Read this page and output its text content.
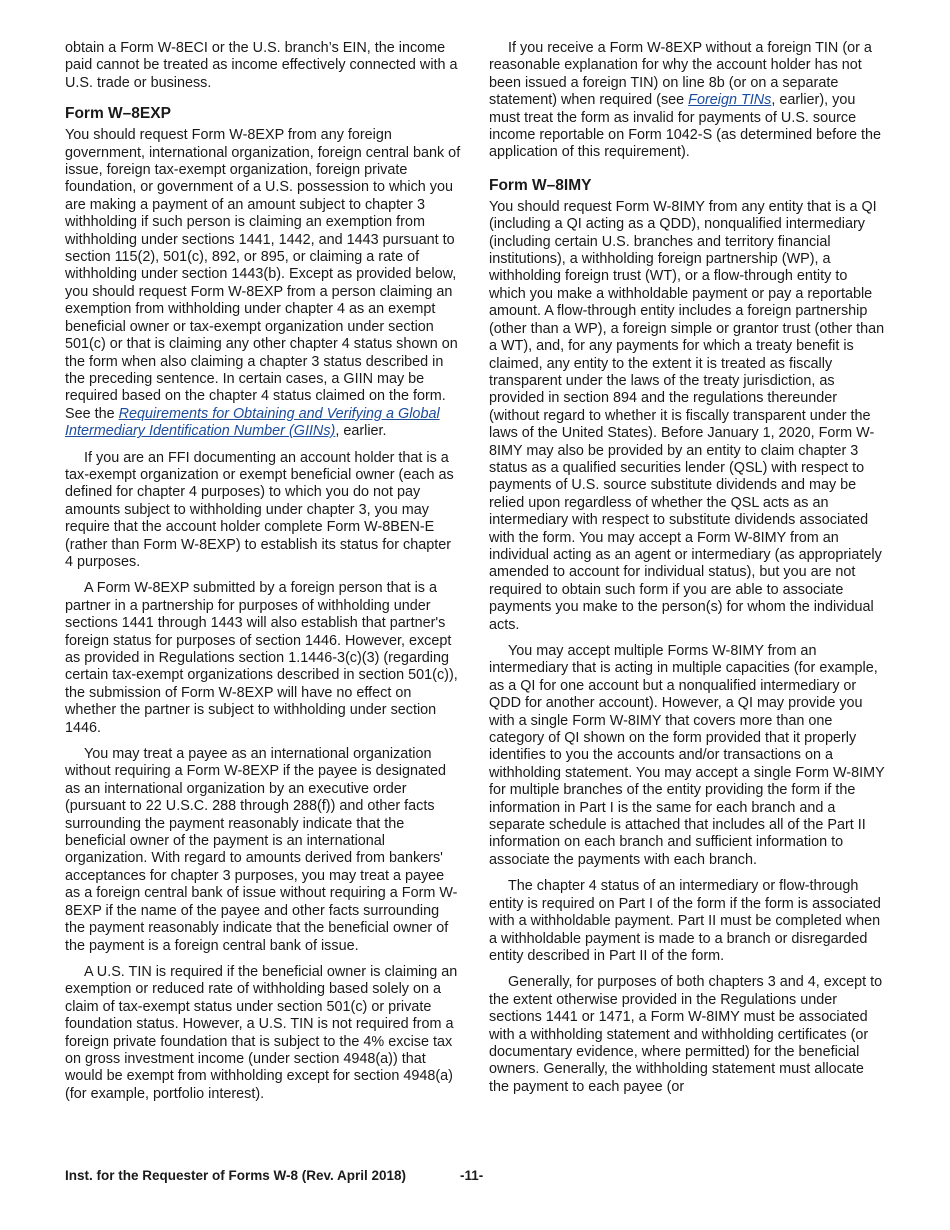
obtain a Form W-8ECI or the U.S. branch’s EIN, the income paid cannot be treated as income effectively connected with a U.S. trade or business.

Form W–8EXP

You should request Form W-8EXP from any foreign government, international organization, foreign central bank of issue, foreign tax-exempt organization, foreign private foundation, or government of a U.S. possession to which you are making a payment of an amount subject to chapter 3 withholding if such person is claiming an exemption from withholding under sections 1441, 1442, and 1443 pursuant to section 115(2), 501(c), 892, or 895, or claiming a rate of withholding under section 1443(b). Except as provided below, you should request Form W-8EXP from a person claiming an exemption from withholding under chapter 4 as an exempt beneficial owner or tax-exempt organization under section 501(c) or that is claiming any other chapter 4 status shown on the form when also claiming a chapter 3 status described in the preceding sentence. In certain cases, a GIIN may be required based on the chapter 4 status claimed on the form. See the Requirements for Obtaining and Verifying a Global Intermediary Identification Number (GIINs), earlier.

If you are an FFI documenting an account holder that is a tax-exempt organization or exempt beneficial owner (each as defined for chapter 4 purposes) to which you do not pay amounts subject to withholding under chapter 3, you may require that the account holder complete Form W-8BEN-E (rather than Form W-8EXP) to establish its status for chapter 4 purposes.

A Form W-8EXP submitted by a foreign person that is a partner in a partnership for purposes of withholding under sections 1441 through 1443 will also establish that partner's foreign status for purposes of section 1446. However, except as provided in Regulations section 1.1446-3(c)(3) (regarding certain tax-exempt organizations described in section 501(c)), the submission of Form W-8EXP will have no effect on whether the partner is subject to withholding under section 1446.

You may treat a payee as an international organization without requiring a Form W-8EXP if the payee is designated as an international organization by an executive order (pursuant to 22 U.S.C. 288 through 288(f)) and other facts surrounding the payment reasonably indicate that the beneficial owner of the payment is an international organization. With regard to amounts derived from bankers' acceptances for chapter 3 purposes, you may treat a payee as a foreign central bank of issue without requiring a Form W-8EXP if the name of the payee and other facts surrounding the payment reasonably indicate that the beneficial owner of the payment is a foreign central bank of issue.

A U.S. TIN is required if the beneficial owner is claiming an exemption or reduced rate of withholding based solely on a claim of tax-exempt status under section 501(c) or private foundation status. However, a U.S. TIN is not required from a foreign private foundation that is subject to the 4% excise tax on gross investment income (under section 4948(a)) that would be exempt from withholding except for section 4948(a) (for example, portfolio interest).

If you receive a Form W-8EXP without a foreign TIN (or a reasonable explanation for why the account holder has not been issued a foreign TIN) on line 8b (or on a separate statement) when required (see Foreign TINs, earlier), you must treat the form as invalid for payments of U.S. source income reportable on Form 1042-S (as determined before the application of this requirement).

Form W–8IMY

You should request Form W-8IMY from any entity that is a QI (including a QI acting as a QDD), nonqualified intermediary (including certain U.S. branches and territory financial institutions), a withholding foreign partnership (WP), a withholding foreign trust (WT), or a flow-through entity to which you make a withholdable payment or pay a reportable amount. A flow-through entity includes a foreign partnership (other than a WP), a foreign simple or grantor trust (other than a WT), and, for any payments for which a treaty benefit is claimed, any entity to the extent it is treated as fiscally transparent under the laws of the treaty jurisdiction, as provided in section 894 and the regulations thereunder (without regard to whether it is fiscally transparent under the laws of the United States). Before January 1, 2020, Form W-8IMY may also be provided by an entity to claim chapter 3 status as a qualified securities lender (QSL) with respect to payments of U.S. source substitute dividends and may be relied upon regardless of whether the QSL acts as an intermediary with respect to substitute dividends associated with the form. You may accept a Form W-8IMY from an individual acting as an agent or intermediary (as appropriately amended to account for individual status), but you are not required to obtain such form if you are able to associate payments you make to the person(s) for whom the individual acts.

You may accept multiple Forms W-8IMY from an intermediary that is acting in multiple capacities (for example, as a QI for one account but a nonqualified intermediary or QDD for another account). However, a QI may provide you with a single Form W-8IMY that covers more than one category of QI shown on the form provided that it properly identifies to you the accounts and/or transactions on a withholding statement. You may accept a single Form W-8IMY for multiple branches of the entity providing the form if the information in Part I is the same for each branch and a separate schedule is attached that includes all of the Part II information on each branch and sufficient information to associate the payments with each branch.

The chapter 4 status of an intermediary or flow-through entity is required on Part I of the form if the form is associated with a withholdable payment. Part II must be completed when a withholdable payment is made to a branch or disregarded entity described in Part II of the form.

Generally, for purposes of both chapters 3 and 4, except to the extent otherwise provided in the Regulations under sections 1441 or 1471, a Form W-8IMY must be associated with a withholding statement and withholding certificates (or documentary evidence, where permitted) for the beneficial owners. Generally, the withholding statement must allocate the payment to each payee (or

Inst. for the Requester of Forms W-8 (Rev. April 2018)	-11-
